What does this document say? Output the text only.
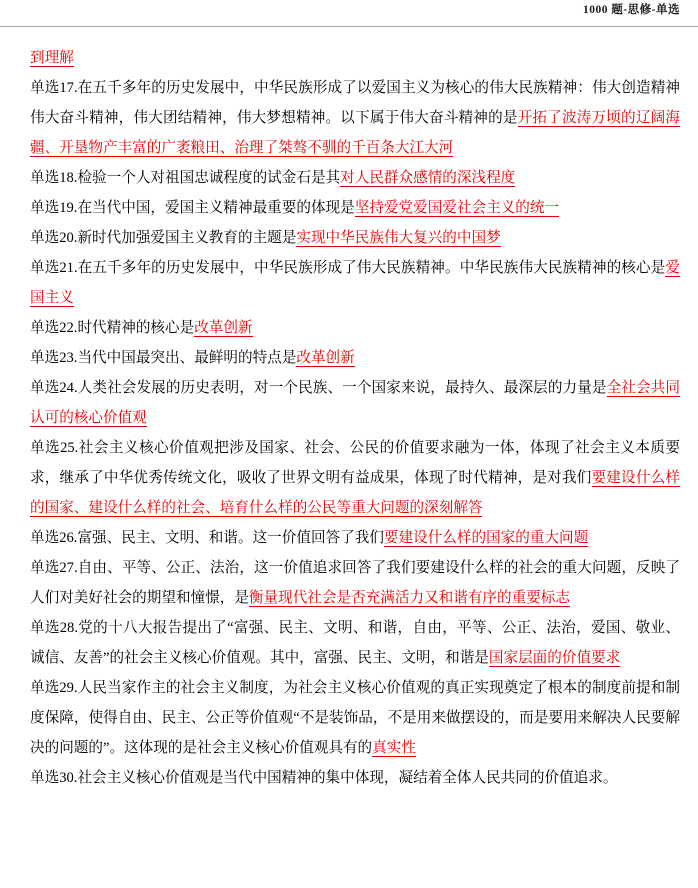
1000 题-思修-单选

到理解

单选17.在五千多年的历史发展中，中华民族形成了以爱国主义为核心的伟大民族精神：伟大创造精神伟大奋斗精神，伟大团结精神，伟大梦想精神。以下属于伟大奋斗精神的是开拓了波涛万顷的辽阔海疆、开垦物产丰富的广袤粮田、治理了桀骜不驯的千百条大江大河

单选18.检验一个人对祖国忠诚程度的试金石是其对人民群众感情的深浅程度

单选19.在当代中国，爱国主义精神最重要的体现是坚持爱党爱国爱社会主义的统一

单选20.新时代加强爱国主义教育的主题是实现中华民族伟大复兴的中国梦

单选21.在五千多年的历史发展中，中华民族形成了伟大民族精神。中华民族伟大民族精神的核心是爱国主义

单选22.时代精神的核心是改革创新

单选23.当代中国最突出、最鲜明的特点是改革创新

单选24.人类社会发展的历史表明，对一个民族、一个国家来说，最持久、最深层的力量是全社会共同认可的核心价值观

单选25.社会主义核心价值观把涉及国家、社会、公民的价值要求融为一体，体现了社会主义本质要求，继承了中华优秀传统文化，吸收了世界文明有益成果，体现了时代精神，是对我们要建设什么样的国家、建设什么样的社会、培育什么样的公民等重大问题的深刻解答

单选26.富强、民主、文明、和谐。这一价值回答了我们要建设什么样的国家的重大问题

单选27.自由、平等、公正、法治，这一价值追求回答了我们要建设什么样的社会的重大问题，反映了人们对美好社会的期望和憧憬，是衡量现代社会是否充满活力又和谐有序的重要标志

单选28.党的十八大报告提出了“富强、民主、文明、和谐，自由，平等、公正、法治，爱国、敬业、诚信、友善”的社会主义核心价值观。其中，富强、民主、文明，和谐是国家层面的价值要求

单选29.人民当家作主的社会主义制度，为社会主义核心价值观的真正实现奠定了根本的制度前提和制度保障，使得自由、民主、公正等价值观“不是装饰品，不是用来做摆设的，而是要用来解决人民要解决的问题的”。这体现的是社会主义核心价值观具有的真实性

单选30.社会主义核心价值观是当代中国精神的集中体现，凝结着全体人民共同的价值追求。
